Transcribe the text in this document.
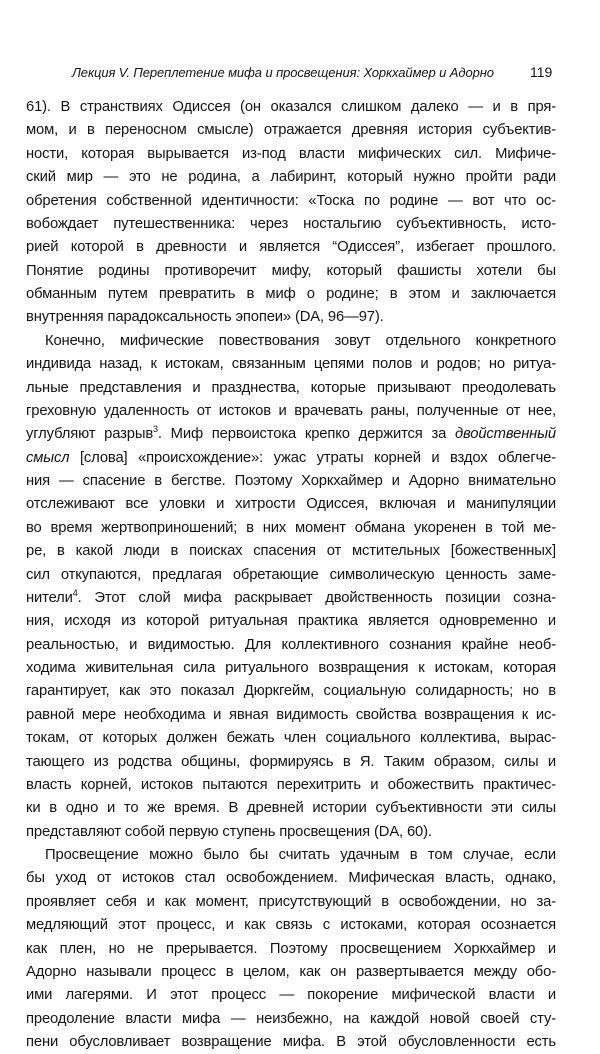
Лекция V. Переплетение мифа и просвещения: Хоркхаймер и Адорно	119
61). В странствиях Одиссея (он оказался слишком далеко — и в пря-
мом, и в переносном смысле) отражается древняя история субъектив-
ности, которая вырывается из-под власти мифических сил. Мифиче-
ский мир — это не родина, а лабиринт, который нужно пройти ради
обретения собственной идентичности: «Тоска по родине — вот что ос-
вобождает путешественника: через ностальгию субъективность, исто-
рией которой в древности и является “Одиссея”, избегает прошлого.
Понятие родины противоречит мифу, который фашисты хотели бы
обманным путем превратить в миф о родине; в этом и заключается
внутренняя парадоксальность эпопеи» (DA, 96—97).
Конечно, мифические повествования зовут отдельного конкретного
индивида назад, к истокам, связанным цепями полов и родов; но ритуа-
льные представления и празднества, которые призывают преодолевать
греховную удаленность от истоков и врачевать раны, полученные от нее,
углубляют разрыв$^3$. Миф первоистока крепко держится за двойственный
смысл [слова] «происхождение»: ужас утраты корней и вздох облегче-
ния — спасение в бегстве. Поэтому Хоркхаймер и Адорно внимательно
отслеживают все уловки и хитрости Одиссея, включая и манипуляции
во время жертвоприношений; в них момент обмана укоренен в той ме-
ре, в какой люди в поисках спасения от мстительных [божественных]
сил откупаются, предлагая обретающие символическую ценность заме-
нители$^4$. Этот слой мифа раскрывает двойственность позиции созна-
ния, исходя из которой ритуальная практика является одновременно и
реальностью, и видимостью. Для коллективного сознания крайне необ-
ходима живительная сила ритуального возвращения к истокам, которая
гарантирует, как это показал Дюркгейм, социальную солидарность; но в
равной мере необходима и явная видимость свойства возвращения к ис-
токам, от которых должен бежать член социального коллектива, вырас-
тающего из родства общины, формируясь в Я. Таким образом, силы и
власть корней, истоков пытаются перехитрить и обожествить практичес-
ки в одно и то же время. В древней истории субъективности эти силы
представляют собой первую ступень просвещения (DA, 60).
Просвещение можно было бы считать удачным в том случае, если
бы уход от истоков стал освобождением. Мифическая власть, однако,
проявляет себя и как момент, присутствующий в освобождении, но за-
медляющий этот процесс, и как связь с истоками, которая осознается
как плен, но не прерывается. Поэтому просвещением Хоркхаймер и
Адорно называли процесс в целом, как он развертывается между обо-
ими лагерями. И этот процесс — покорение мифической власти и
преодоление власти мифа — неизбежно, на каждой новой своей сту-
пени обусловливает возвращение мифа. В этой обусловленности есть
